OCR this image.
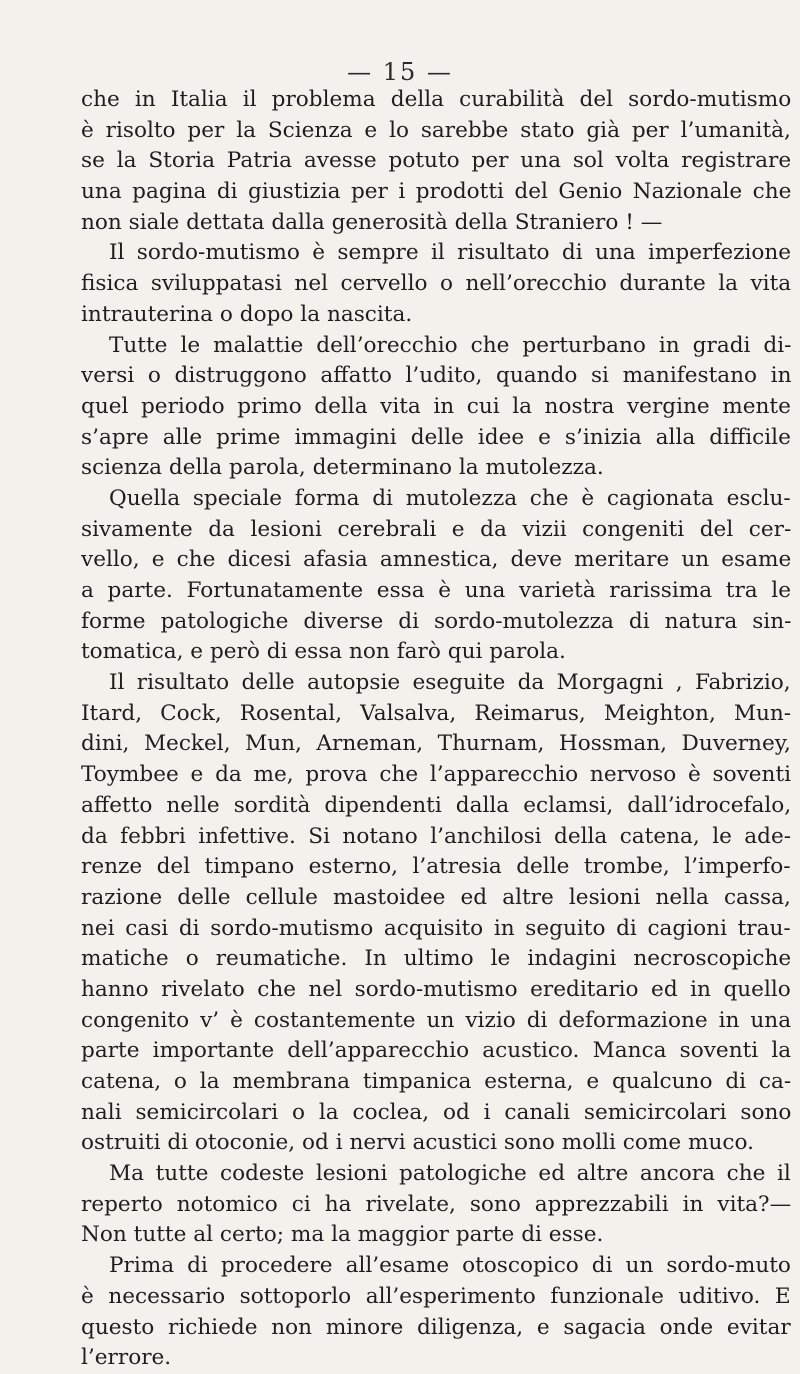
— 15 —
che in Italia il problema della curabilità del sordo-mutismo
è risolto per la Scienza e lo sarebbe stato già per l’umanità,
se la Storia Patria avesse potuto per una sol volta registrare
una pagina di giustizia per i prodotti del Genio Nazionale che
non siale dettata dalla generosità della Straniero ! —
Il sordo-mutismo è sempre il risultato di una imperfezione
fisica sviluppatasi nel cervello o nell’orecchio durante la vita
intrauterina o dopo la nascita.
Tutte le malattie dell’orecchio che perturbano in gradi di-
versi o distruggono affatto l’udito, quando si manifestano in
quel periodo primo della vita in cui la nostra vergine mente
s’apre alle prime immagini delle idee e s’inizia alla difficile
scienza della parola, determinano la mutolezza.
Quella speciale forma di mutolezza che è cagionata esclu-
sivamente da lesioni cerebrali e da vizii congeniti del cer-
vello, e che dicesi afasia amnestica, deve meritare un esame
a parte. Fortunatamente essa è una varietà rarissima tra le
forme patologiche diverse di sordo-mutolezza di natura sin-
tomatica, e però di essa non farò qui parola.
Il risultato delle autopsie eseguite da Morgagni , Fabrizio,
Itard, Cock, Rosental, Valsalva, Reimarus, Meighton, Mun-
dini, Meckel, Mun, Arneman, Thurnam, Hossman, Duverney,
Toymbee e da me, prova che l’apparecchio nervoso è soventi
affetto nelle sordità dipendenti dalla eclamsi, dall’idrocefalo,
da febbri infettive. Si notano l’anchilosi della catena, le ade-
renze del timpano esterno, l’atresia delle trombe, l’imperfo-
razione delle cellule mastoidee ed altre lesioni nella cassa,
nei casi di sordo-mutismo acquisito in seguito di cagioni trau-
matiche o reumatiche. In ultimo le indagini necroscopiche
hanno rivelato che nel sordo-mutismo ereditario ed in quello
congenito v’ è costantemente un vizio di deformazione in una
parte importante dell’apparecchio acustico. Manca soventi la
catena, o la membrana timpanica esterna, e qualcuno di ca-
nali semicircolari o la coclea, od i canali semicircolari sono
ostruiti di otoconie, od i nervi acustici sono molli come muco.
Ma tutte codeste lesioni patologiche ed altre ancora che il
reperto notomico ci ha rivelate, sono apprezzabili in vita?—
Non tutte al certo; ma la maggior parte di esse.
Prima di procedere all’esame otoscopico di un sordo-muto
è necessario sottoporlo all’esperimento funzionale uditivo. E
questo richiede non minore diligenza, e sagacia onde evitar
l’errore.
